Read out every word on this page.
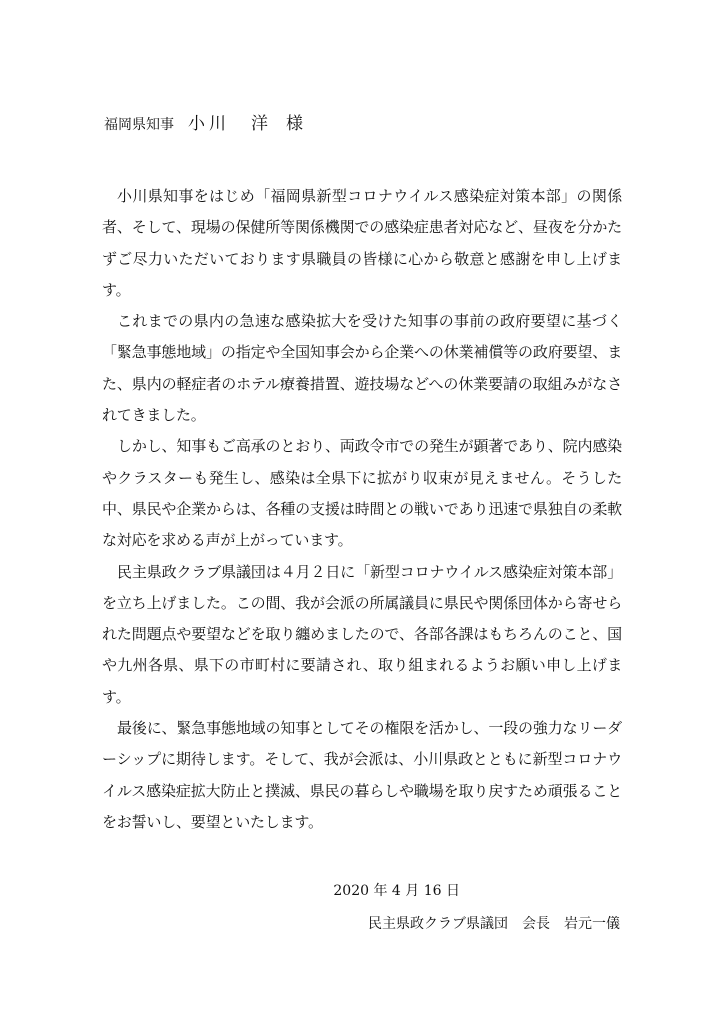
福岡県知事 小川　洋 様

小川県知事をはじめ「福岡県新型コロナウイルス感染症対策本部」の関係者、そして、現場の保健所等関係機関での感染症患者対応など、昼夜を分かたずご尽力いただいております県職員の皆様に心から敬意と感謝を申し上げます。

これまでの県内の急速な感染拡大を受けた知事の事前の政府要望に基づく「緊急事態地域」の指定や全国知事会から企業への休業補償等の政府要望、また、県内の軽症者のホテル療養措置、遊技場などへの休業要請の取組みがなされてきました。

しかし、知事もご高承のとおり、両政令市での発生が顕著であり、院内感染やクラスターも発生し、感染は全県下に拡がり収束が見えません。そうした中、県民や企業からは、各種の支援は時間との戦いであり迅速で県独自の柔軟な対応を求める声が上がっています。

民主県政クラブ県議団は４月２日に「新型コロナウイルス感染症対策本部」を立ち上げました。この間、我が会派の所属議員に県民や関係団体から寄せられた問題点や要望などを取り纏めましたので、各部各課はもちろんのこと、国や九州各県、県下の市町村に要請され、取り組まれるようお願い申し上げます。

最後に、緊急事態地域の知事としてその権限を活かし、一段の強力なリーダーシップに期待します。そして、我が会派は、小川県政とともに新型コロナウイルス感染症拡大防止と撲滅、県民の暮らしや職場を取り戻すため頑張ることをお誓いし、要望といたします。

2020 年 4 月 16 日
民主県政クラブ県議団　会長　岩元一儀
